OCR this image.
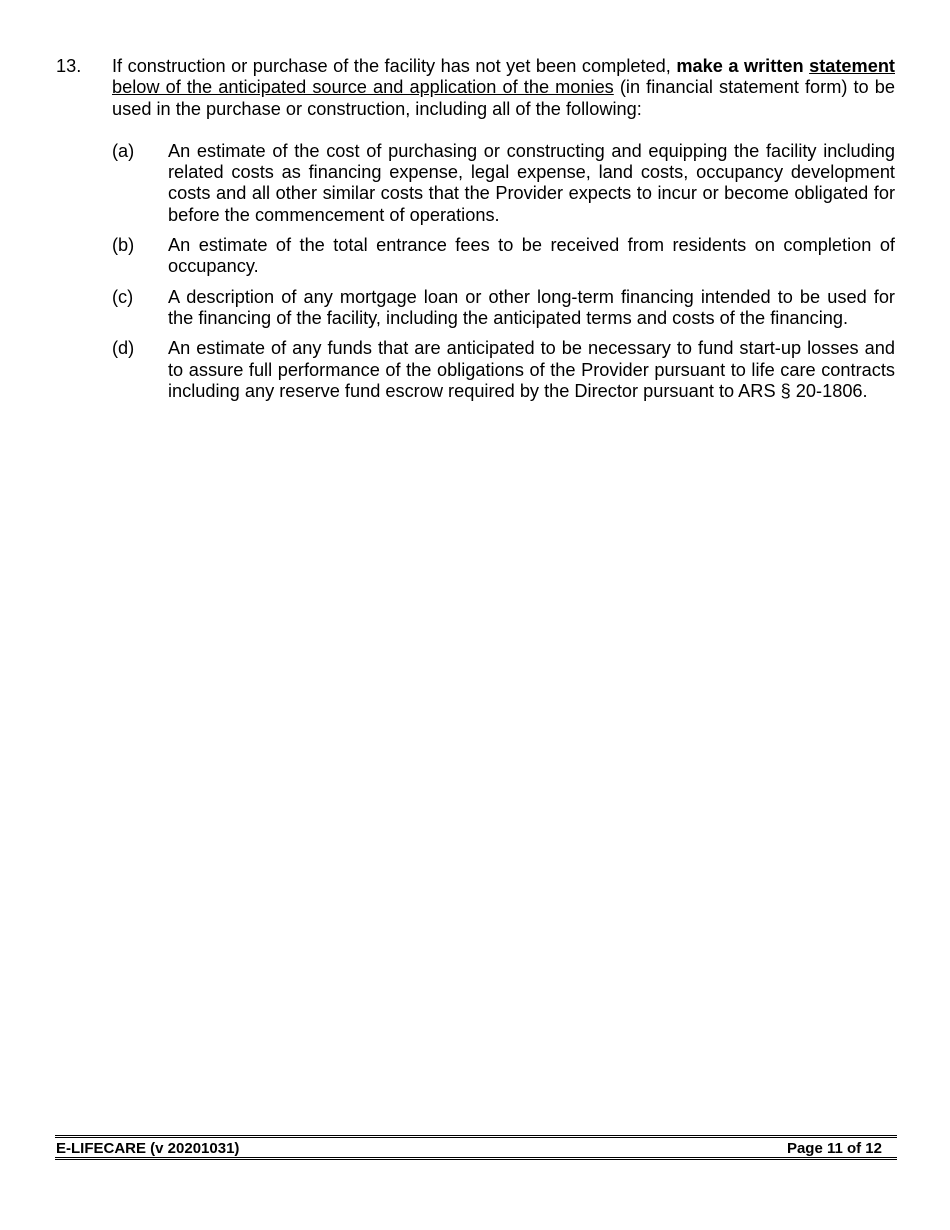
13. If construction or purchase of the facility has not yet been completed, make a written statement below of the anticipated source and application of the monies (in financial statement form) to be used in the purchase or construction, including all of the following:
(a) An estimate of the cost of purchasing or constructing and equipping the facility including related costs as financing expense, legal expense, land costs, occupancy development costs and all other similar costs that the Provider expects to incur or become obligated for before the commencement of operations.
(b) An estimate of the total entrance fees to be received from residents on completion of occupancy.
(c) A description of any mortgage loan or other long-term financing intended to be used for the financing of the facility, including the anticipated terms and costs of the financing.
(d) An estimate of any funds that are anticipated to be necessary to fund start-up losses and to assure full performance of the obligations of the Provider pursuant to life care contracts including any reserve fund escrow required by the Director pursuant to ARS § 20-1806.
E-LIFECARE (v 20201031)	Page 11 of 12
